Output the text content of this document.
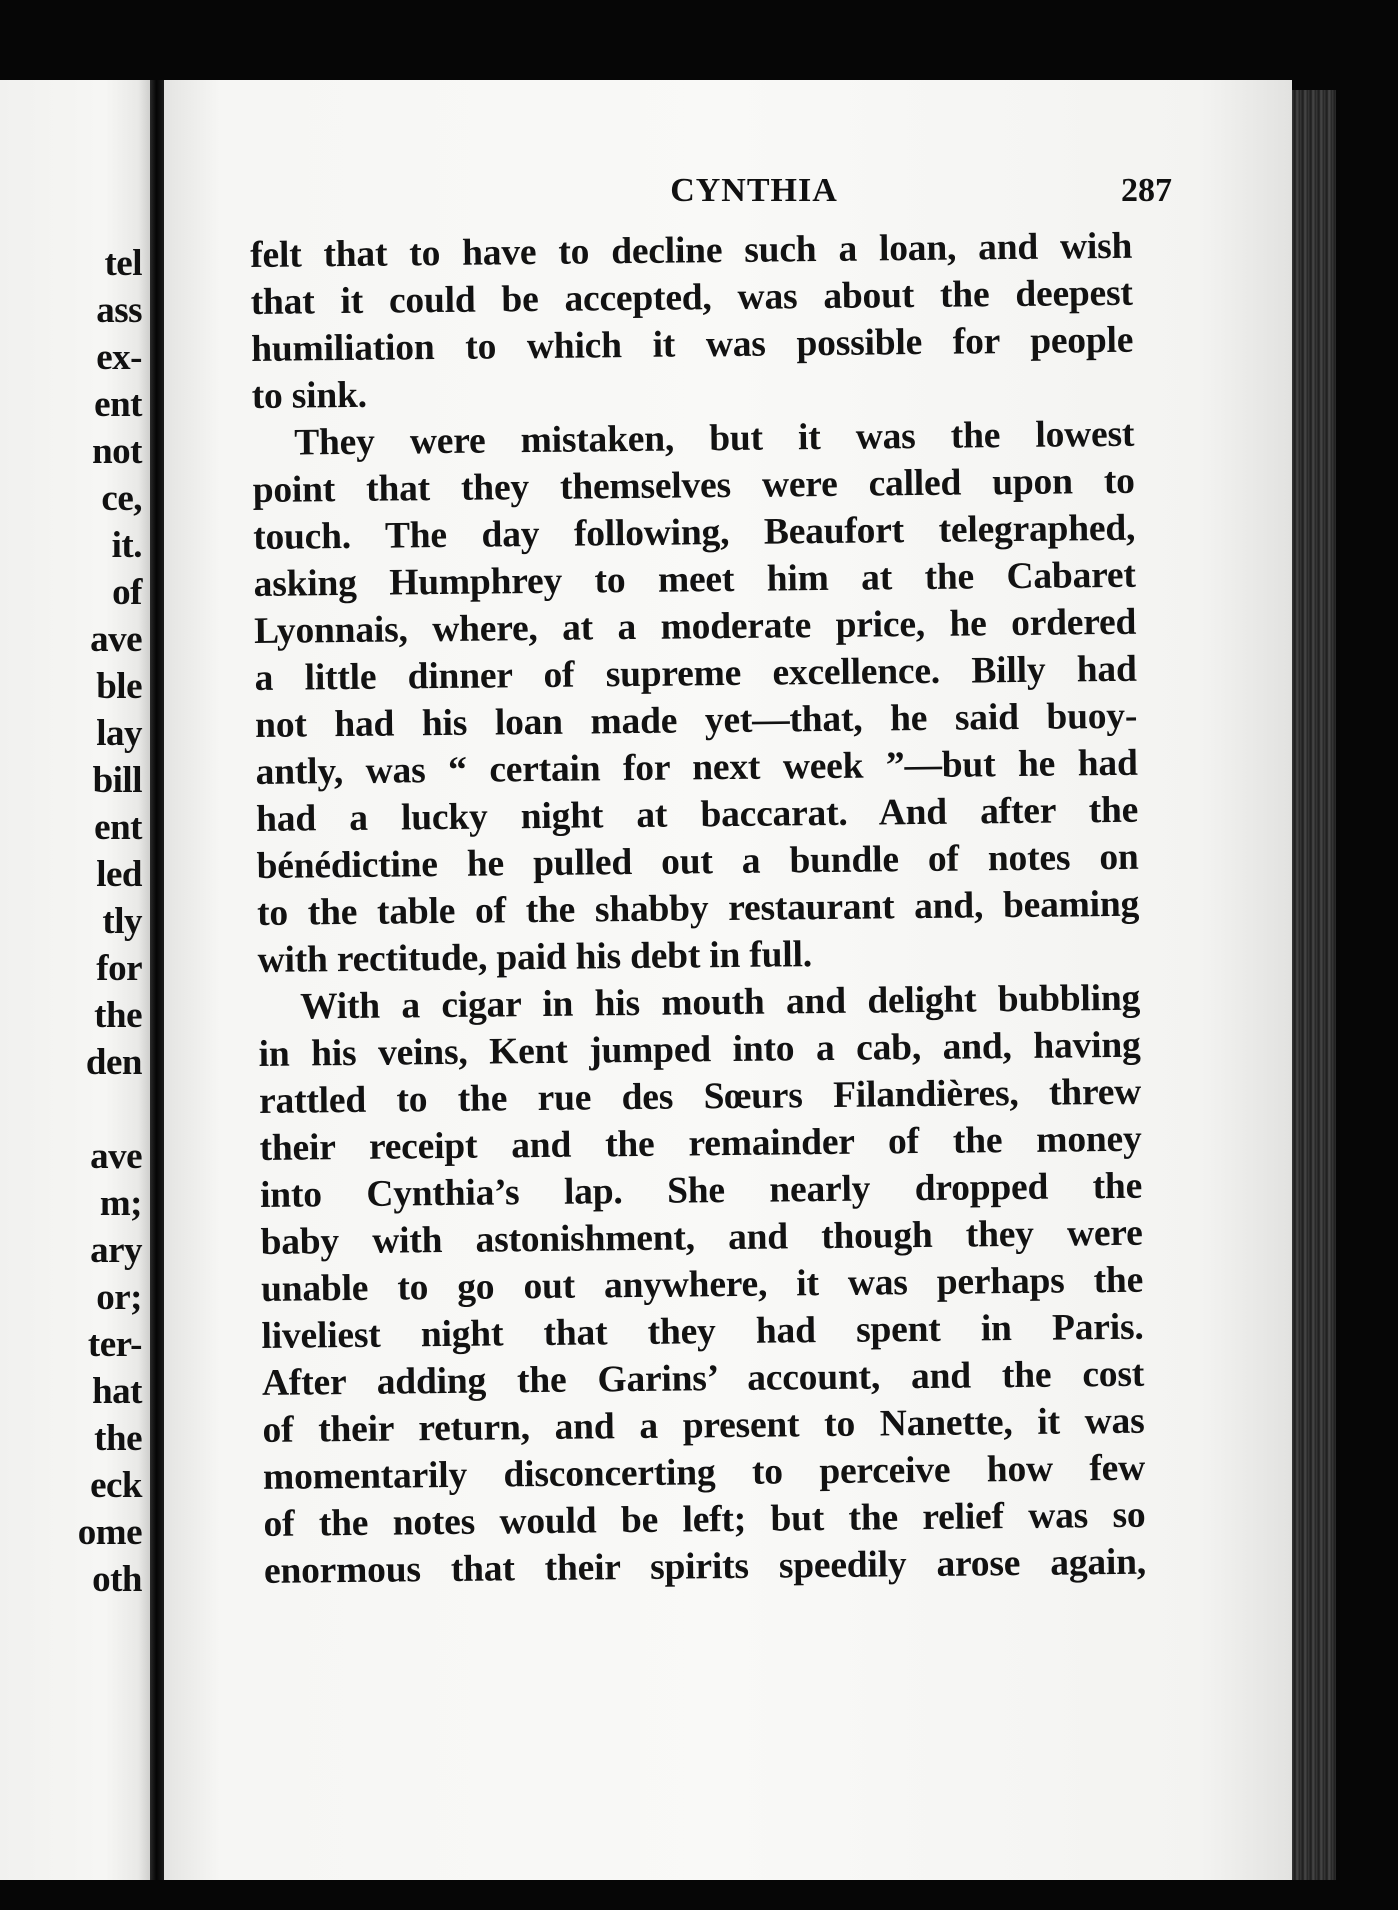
tel
ass
ex-
ent
not
ce,
it.
of
ave
ble
lay
bill
ent
led
tly
for
the
den
ave
m;
ary
or;
ter-
hat
the
eck
ome
oth
CYNTHIA	287
felt that to have to decline such a loan, and wish
that it could be accepted, was about the deepest
humiliation to which it was possible for people
to sink.
They were mistaken, but it was the lowest
point that they themselves were called upon to
touch. The day following, Beaufort telegraphed,
asking Humphrey to meet him at the Cabaret
Lyonnais, where, at a moderate price, he ordered
a little dinner of supreme excellence. Billy had
not had his loan made yet—that, he said buoy-
antly, was “ certain for next week ”—but he had
had a lucky night at baccarat. And after the
bénédictine he pulled out a bundle of notes on
to the table of the shabby restaurant and, beaming
with rectitude, paid his debt in full.
With a cigar in his mouth and delight bubbling
in his veins, Kent jumped into a cab, and, having
rattled to the rue des Sœurs Filandières, threw
their receipt and the remainder of the money
into Cynthia’s lap. She nearly dropped the
baby with astonishment, and though they were
unable to go out anywhere, it was perhaps the
liveliest night that they had spent in Paris.
After adding the Garins’ account, and the cost
of their return, and a present to Nanette, it was
momentarily disconcerting to perceive how few
of the notes would be left; but the relief was so
enormous that their spirits speedily arose again,
